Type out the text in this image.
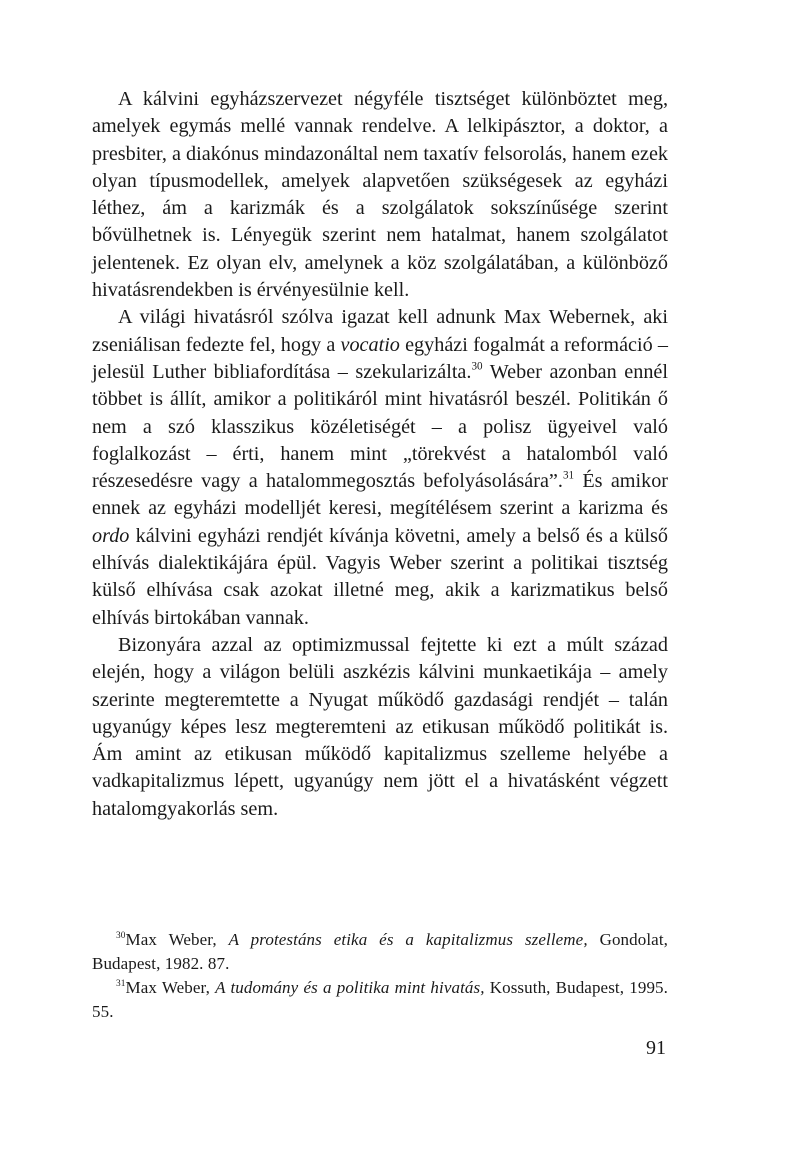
A kálvini egyházszervezet négyféle tisztséget különböztet meg, amelyek egymás mellé vannak rendelve. A lelkipásztor, a doktor, a presbiter, a diakónus mindazonáltal nem taxatív felsorolás, hanem ezek olyan típusmodellek, amelyek alapvetően szükségesek az egyházi léthez, ám a karizmák és a szolgálatok sokszínűsége szerint bővülhetnek is. Lényegük szerint nem hatalmat, hanem szolgálatot jelentenek. Ez olyan elv, amelynek a köz szolgálatában, a különböző hivatásrendekben is érvényesülnie kell.

A világi hivatásról szólva igazat kell adnunk Max Webernek, aki zseniálisan fedezte fel, hogy a vocatio egyházi fogalmát a reformáció – jelesül Luther bibliafordítása – szekularizálta.$^{30}$ Weber azonban ennél többet is állít, amikor a politikáról mint hivatásról beszél. Politikán ő nem a szó klasszikus közéletiségét – a polisz ügyeivel való foglalkozást – érti, hanem mint „törekvést a hatalomból való részesedésre vagy a hatalommegosztás befolyásolására”.$^{31}$ És amikor ennek az egyházi modelljét keresi, megítélésem szerint a karizma és ordo kálvini egyházi rendjét kívánja követni, amely a belső és a külső elhívás dialektikájára épül. Vagyis Weber szerint a politikai tisztség külső elhívása csak azokat illetné meg, akik a karizmatikus belső elhívás birtokában vannak.

Bizonyára azzal az optimizmussal fejtette ki ezt a múlt század elején, hogy a világon belüli aszkézis kálvini munkaetikája – amely szerinte megteremtette a Nyugat működő gazdasági rendjét – talán ugyanúgy képes lesz megteremteni az etikusan működő politikát is. Ám amint az etikusan működő kapitalizmus szelleme helyébe a vadkapitalizmus lépett, ugyanúgy nem jött el a hivatásként végzett hatalomgyakorlás sem.

$^{30}$Max Weber, A protestáns etika és a kapitalizmus szelleme, Gondolat, Budapest, 1982. 87.

$^{31}$Max Weber, A tudomány és a politika mint hivatás, Kossuth, Budapest, 1995. 55.

91
